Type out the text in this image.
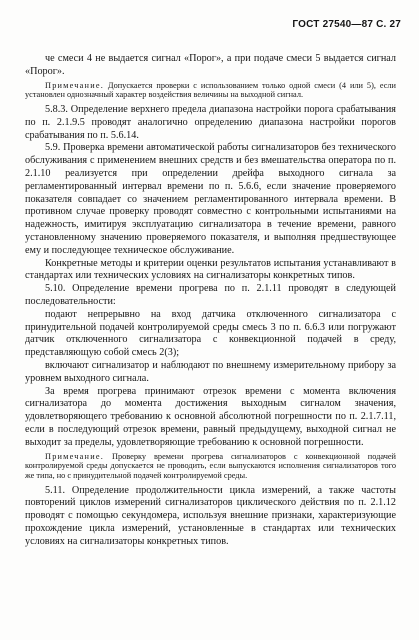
ГОСТ 27540—87 С. 27

че смеси 4 не выдается сигнал «Порог», а при подаче смеси 5 выдается сигнал «Порог».

Примечание. Допускается проверки с использованием только одной смеси (4 или 5), если установлен однозначный характер воздействия величины на выходной сигнал.

5.8.3. Определение верхнего предела диапазона настройки порога срабатывания по п. 2.1.9.5 проводят аналогично определению диапазона настройки порогов срабатывания по п. 5.6.14.

5.9. Проверка времени автоматической работы сигнализаторов без технического обслуживания с применением внешних средств и без вмешательства оператора по п. 2.1.10 реализуется при определении дрейфа выходного сигнала за регламентированный интервал времени по п. 5.6.6, если значение проверяемого показателя совпадает со значением регламентированного интервала времени. В противном случае проверку проводят совместно с контрольными испытаниями на надежность, имитируя эксплуатацию сигнализатора в течение времени, равного установленному значению проверяемого показателя, и выполняя предшествующее ему и последующее техническое обслуживание.

Конкретные методы и критерии оценки результатов испытания устанавливают в стандартах или технических условиях на сигнализаторы конкретных типов.

5.10. Определение времени прогрева по п. 2.1.11 проводят в следующей последовательности:

подают непрерывно на вход датчика отключенного сигнализатора с принудительной подачей контролируемой среды смесь 3 по п. 6.6.3 или погружают датчик отключенного сигнализатора с конвекционной подачей в среду, представляющую собой смесь 2(3);

включают сигнализатор и наблюдают по внешнему измерительному прибору за уровнем выходного сигнала.

За время прогрева принимают отрезок времени с момента включения сигнализатора до момента достижения выходным сигналом значения, удовлетворяющего требованию к основной абсолютной погрешности по п. 2.1.7.11, если в последующий отрезок времени, равный предыдущему, выходной сигнал не выходит за пределы, удовлетворяющие требованию к основной погрешности.

Примечание. Проверку времени прогрева сигнализаторов с конвекционной подачей контролируемой среды допускается не проводить, если выпускаются исполнения сигнализаторов того же типа, но с принудительной подачей контролируемой среды.

5.11. Определение продолжительности цикла измерений, а также частоты повторений циклов измерений сигнализаторов циклического действия по п. 2.1.12 проводят с помощью секундомера, используя внешние признаки, характеризующие прохождение цикла измерений, установленные в стандартах или технических условиях на сигнализаторы конкретных типов.
